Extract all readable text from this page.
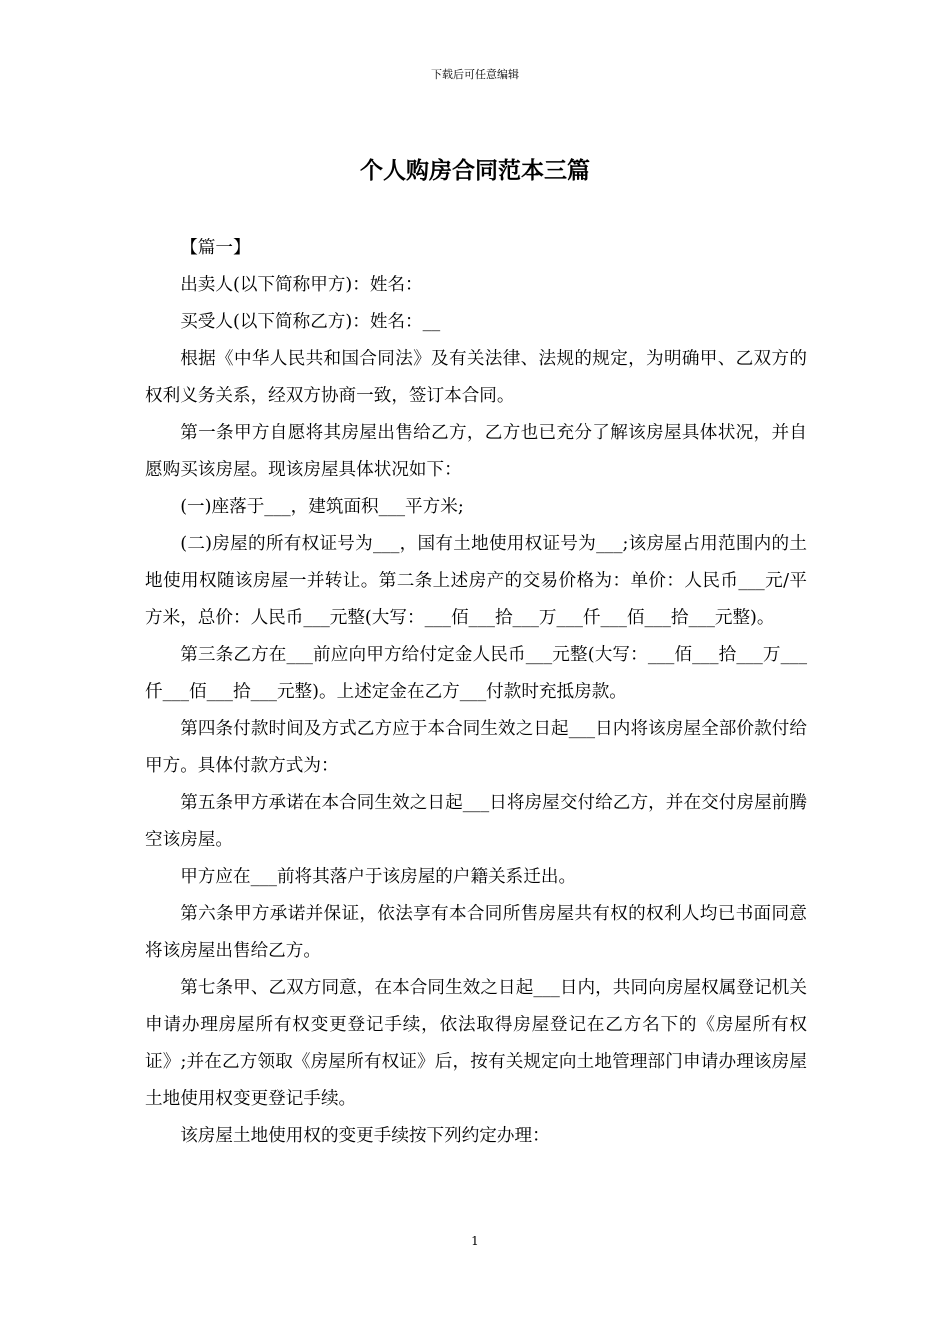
下载后可任意编辑
个人购房合同范本三篇

【篇一】

出卖人(以下简称甲方)：姓名：

买受人(以下简称乙方)：姓名：__

根据《中华人民共和国合同法》及有关法律、法规的规定，为明确甲、乙双方的权利义务关系，经双方协商一致，签订本合同。

第一条甲方自愿将其房屋出售给乙方，乙方也已充分了解该房屋具体状况，并自愿购买该房屋。现该房屋具体状况如下：

(一)座落于___，建筑面积___平方米;

(二)房屋的所有权证号为___，国有土地使用权证号为___;该房屋占用范围内的土地使用权随该房屋一并转让。第二条上述房产的交易价格为：单价：人民币___元/平方米，总价：人民币___元整(大写：___佰___拾___万___仟___佰___拾___元整)。

第三条乙方在___前应向甲方给付定金人民币___元整(大写：___佰___拾___万___仟___佰___拾___元整)。上述定金在乙方___付款时充抵房款。

第四条付款时间及方式乙方应于本合同生效之日起___日内将该房屋全部价款付给甲方。具体付款方式为：

第五条甲方承诺在本合同生效之日起___日将房屋交付给乙方，并在交付房屋前腾空该房屋。

甲方应在___前将其落户于该房屋的户籍关系迁出。

第六条甲方承诺并保证，依法享有本合同所售房屋共有权的权利人均已书面同意将该房屋出售给乙方。

第七条甲、乙双方同意，在本合同生效之日起___日内，共同向房屋权属登记机关申请办理房屋所有权变更登记手续，依法取得房屋登记在乙方名下的《房屋所有权证》;并在乙方领取《房屋所有权证》后，按有关规定向土地管理部门申请办理该房屋土地使用权变更登记手续。

该房屋土地使用权的变更手续按下列约定办理：

1
